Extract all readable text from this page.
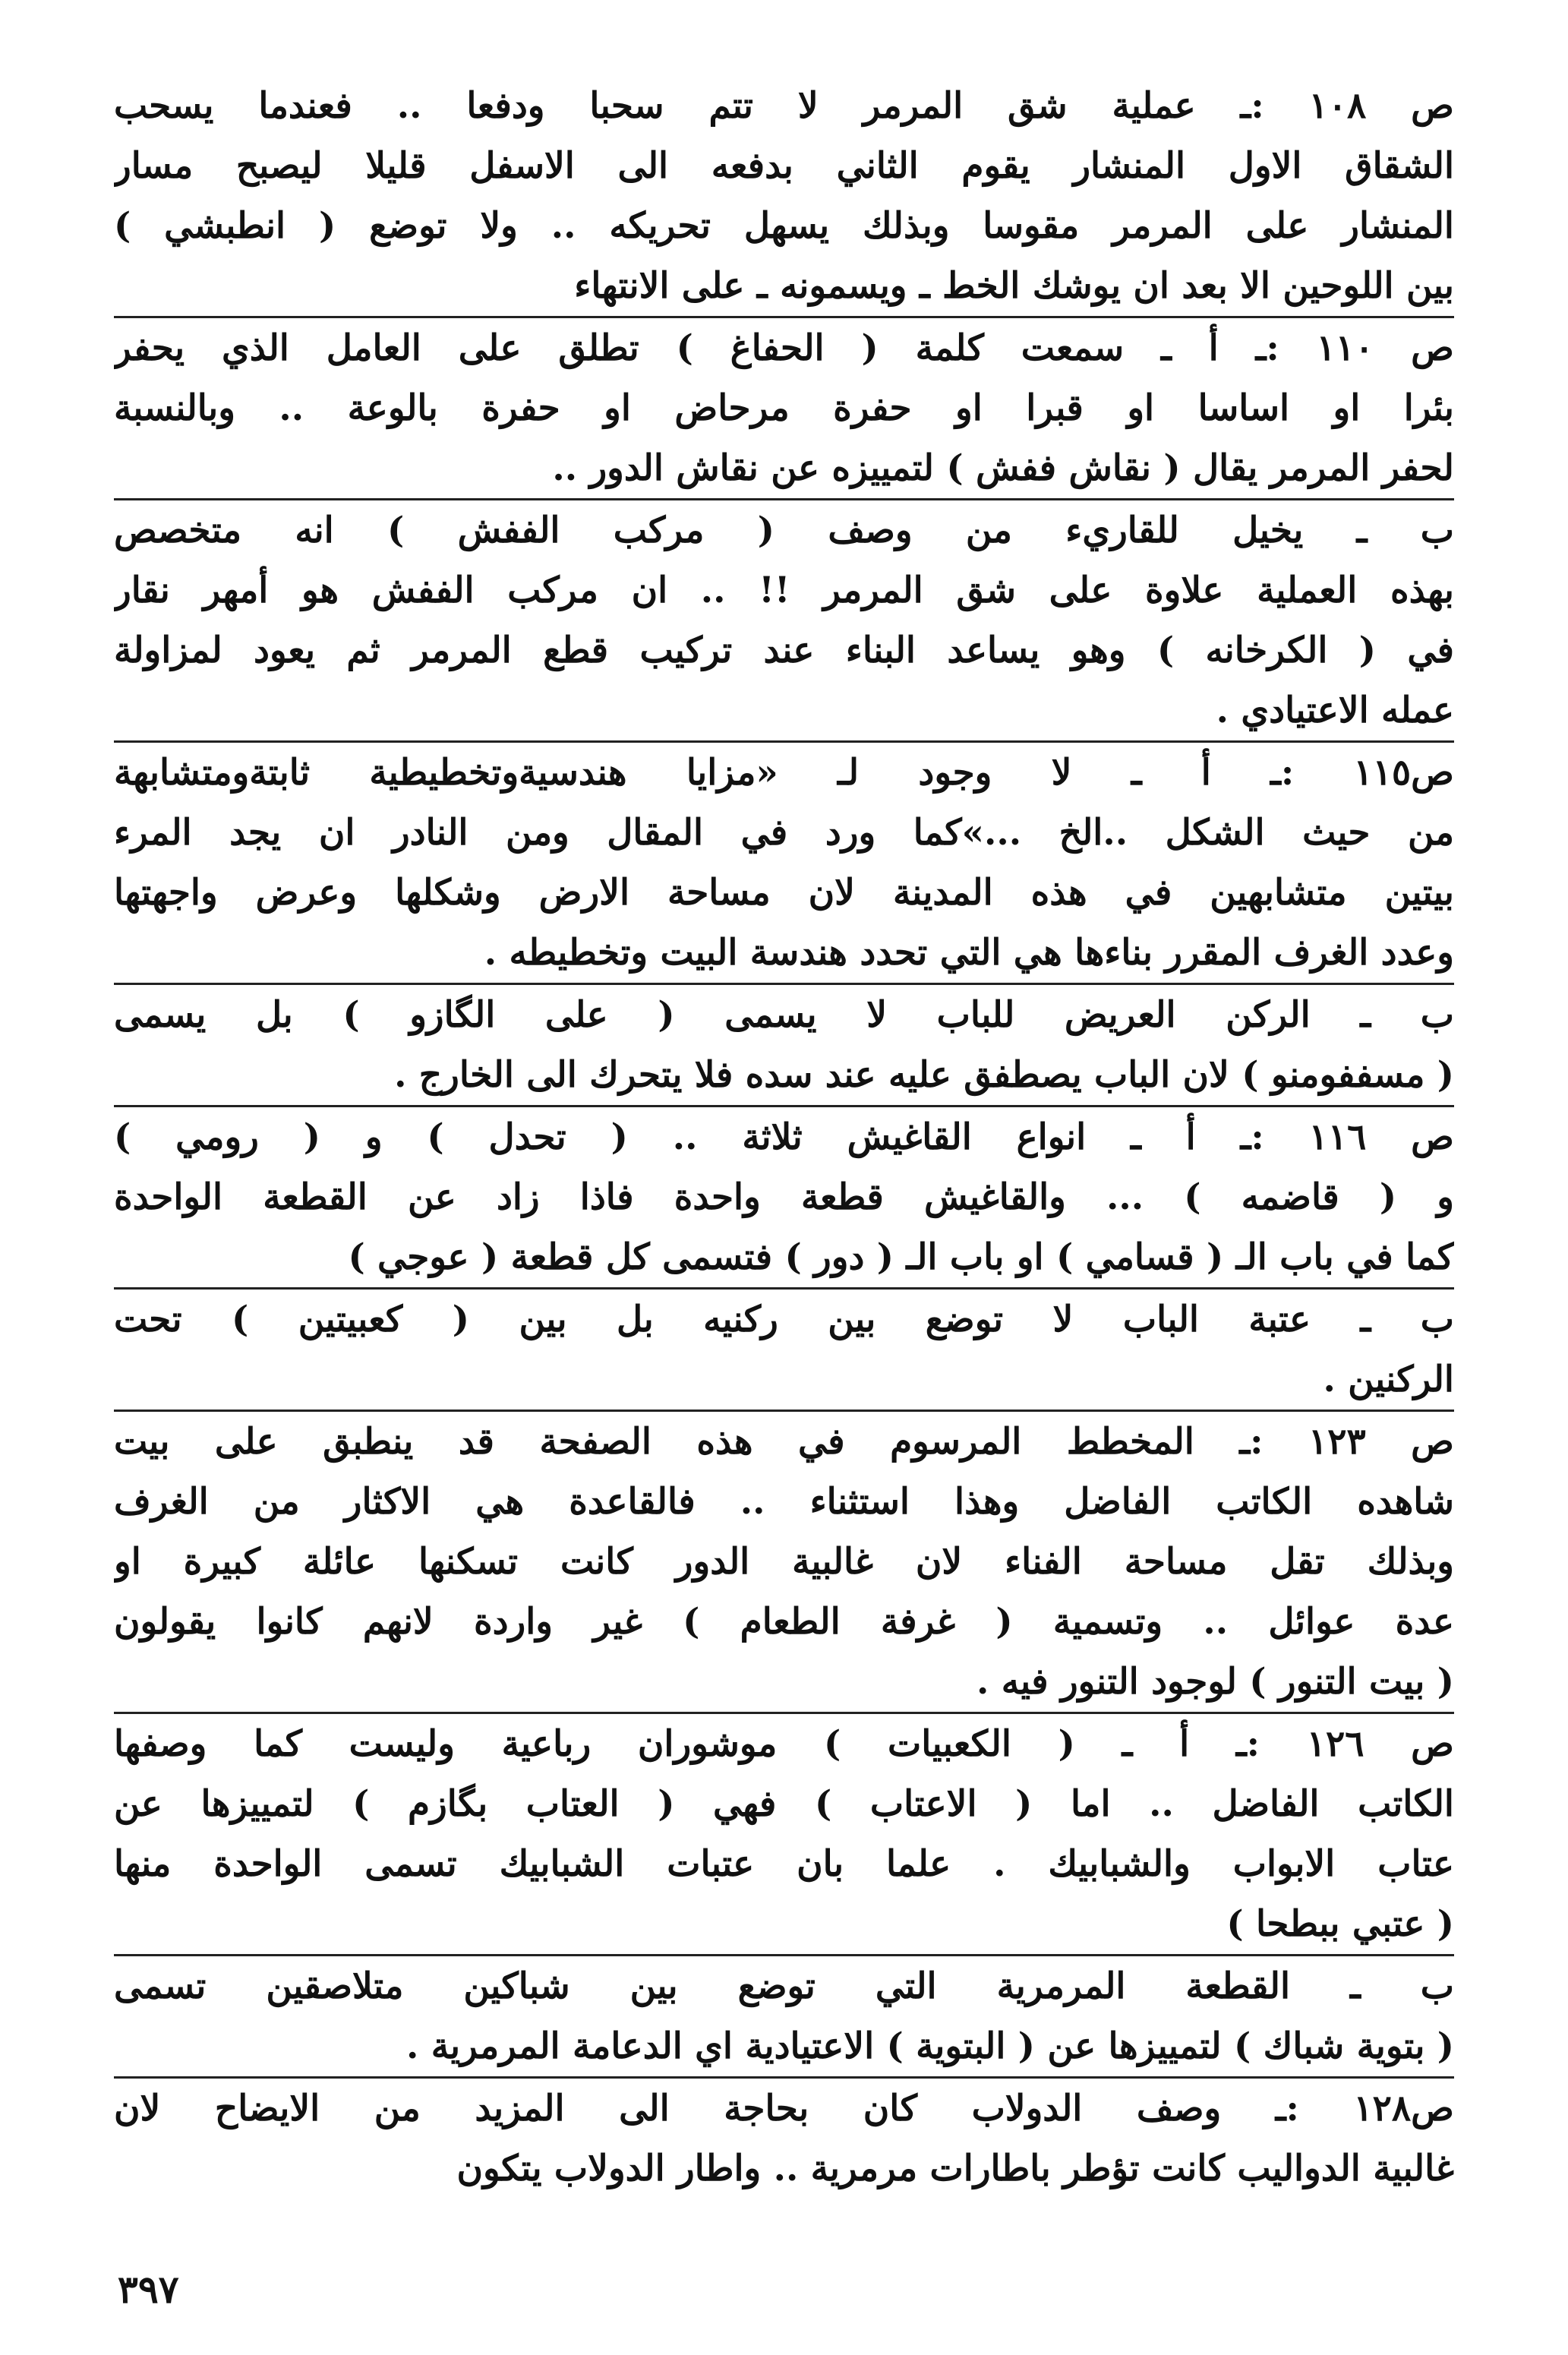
ص ١٠٨ :ـ عملية شق المرمر لا تتم سحبا ودفعا .. فعندما يسحب
الشقاق الاول المنشار يقوم الثاني بدفعه الى الاسفل قليلا ليصبح مسار
المنشار على المرمر مقوسا وبذلك يسهل تحريكه .. ولا توضع ( انطبشي )
بين اللوحين الا بعد ان يوشك الخط ـ ويسمونه ـ على الانتهاء
ص ١١٠ :ـ أ ـ سمعت كلمة ( الحفاغ ) تطلق على العامل الذي يحفر
بئرا او اساسا او قبرا او حفرة مرحاض او حفرة بالوعة .. وبالنسبة
لحفر المرمر يقال ( نقاش ففش ) لتمييزه عن نقاش الدور ..
ب ـ يخيل للقاريء من وصف ( مركب الففش ) انه متخصص
بهذه العملية علاوة على شق المرمر !! .. ان مركب الففش هو أمهر نقار
في ( الكرخانه ) وهو يساعد البناء عند تركيب قطع المرمر ثم يعود لمزاولة
عمله الاعتيادي .
ص١١٥ :ـ أ ـ لا وجود لـ «مزايا هندسيةوتخطيطية ثابتةومتشابهة
من حيث الشكل ..الخ ...»كما ورد في المقال ومن النادر ان يجد المرء
بيتين متشابهين في هذه المدينة لان مساحة الارض وشكلها وعرض واجهتها
وعدد الغرف المقرر بناءها هي التي تحدد هندسة البيت وتخطيطه .
ب ـ الركن العريض للباب لا يسمى ( على الگازو ) بل يسمى
( مسففومنو ) لان الباب يصطفق عليه عند سده فلا يتحرك الى الخارج .
ص ١١٦ :ـ أ ـ انواع القاغيش ثلاثة .. ( تحدل ) و ( رومي )
و ( قاضمه ) ... والقاغيش قطعة واحدة فاذا زاد عن القطعة الواحدة
كما في باب الـ ( قسامي ) او باب الـ ( دور ) فتسمى كل قطعة ( عوجي )
ب ـ عتبة الباب لا توضع بين ركنيه بل بين ( كعبيتين ) تحت
الركنين .
ص ١٢٣ :ـ المخطط المرسوم في هذه الصفحة قد ينطبق على بيت
شاهده الكاتب الفاضل وهذا استثناء .. فالقاعدة هي الاكثار من الغرف
وبذلك تقل مساحة الفناء لان غالبية الدور كانت تسكنها عائلة كبيرة او
عدة عوائل .. وتسمية ( غرفة الطعام ) غير واردة لانهم كانوا يقولون
( بيت التنور ) لوجود التنور فيه .
ص ١٢٦ :ـ أ ـ ( الكعبيات ) موشوران رباعية وليست كما وصفها
الكاتب الفاضل .. اما ( الاعتاب ) فهي ( العتاب بگازم ) لتمييزها عن
عتاب الابواب والشبابيك . علما بان عتبات الشبابيك تسمى الواحدة منها
( عتبي ببطحا )
ب ـ القطعة المرمرية التي توضع بين شباكين متلاصقين تسمى
( بتوية شباك ) لتمييزها عن ( البتوية ) الاعتيادية اي الدعامة المرمرية .
ص١٢٨ :ـ وصف الدولاب كان بحاجة الى المزيد من الايضاح لان
غالبية الدواليب كانت تؤطر باطارات مرمرية .. واطار الدولاب يتكون
٣٩٧
